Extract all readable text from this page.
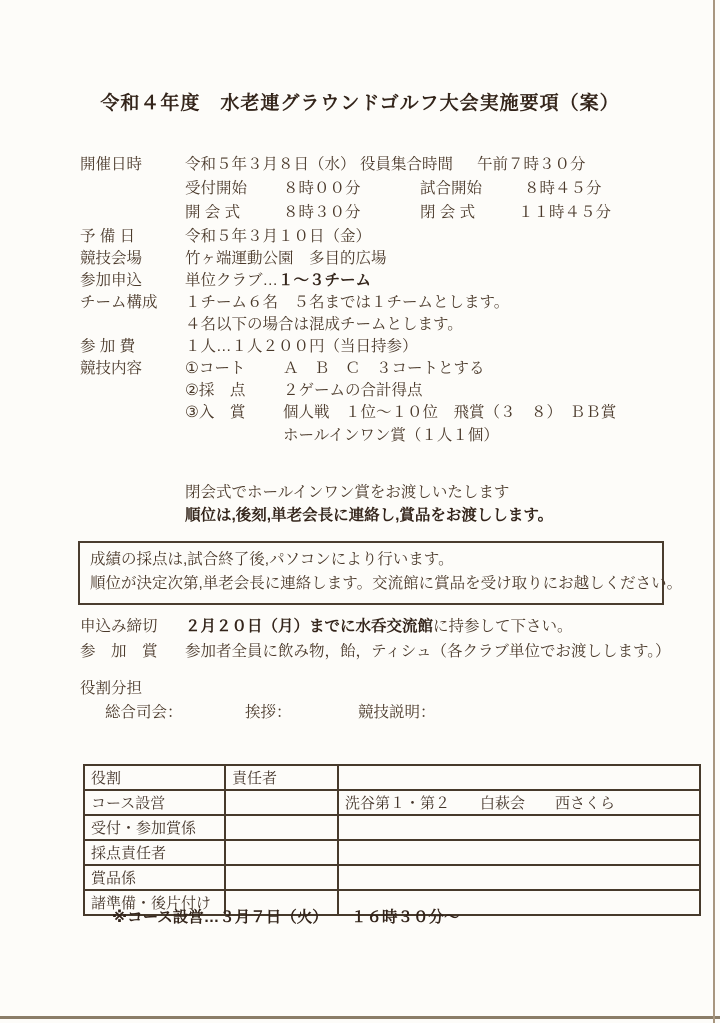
令和４年度　水老連グラウンドゴルフ大会実施要項（案）
開催日時	令和５年３月８日（水） 役員集合時間 午前７時３０分
受付開始 ８時００分	試合開始	８時４５分
開 会 式	８時３０分	閉 会 式	１１時４５分
予 備 日	令和５年３月１０日（金）
競技会場	竹ヶ端運動公園　多目的広場
参加申込	単位クラブ…１～３チーム
チーム構成 １チーム６名　５名までは１チームとします。
４名以下の場合は混成チームとします。
参 加 費	１人…１人２００円（当日持参）
競技内容	①コート Ａ　Ｂ　Ｃ　３コートとする
②採　点 ２ゲームの合計得点
③入　賞 個人戦　１位～１０位　飛賞（３　８）　ＢＢ賞
ホールインワン賞（１人１個）
閉会式でホールインワン賞をお渡しいたします
順位は,後刻,単老会長に連絡し,賞品をお渡しします。
成績の採点は,試合終了後,パソコンにより行います。
順位が決定次第,単老会長に連絡します。交流館に賞品を受け取りにお越しください。
申込み締切 ２月２０日（月）までに水呑交流館に持参して下さい。
参　加　賞 参加者全員に飲み物，飴，ティシュ（各クラブ単位でお渡しします。）
役割分担
総合司会：	挨拶：	競技説明：
役割	責任者	
コース設営		洗谷第１・第２　　白萩会　　西さくら
受付・参加賞係		
採点責任者		
賞品係		
諸準備・後片付け		
※コース設営…３月７日（火）　　１６時３０分～
